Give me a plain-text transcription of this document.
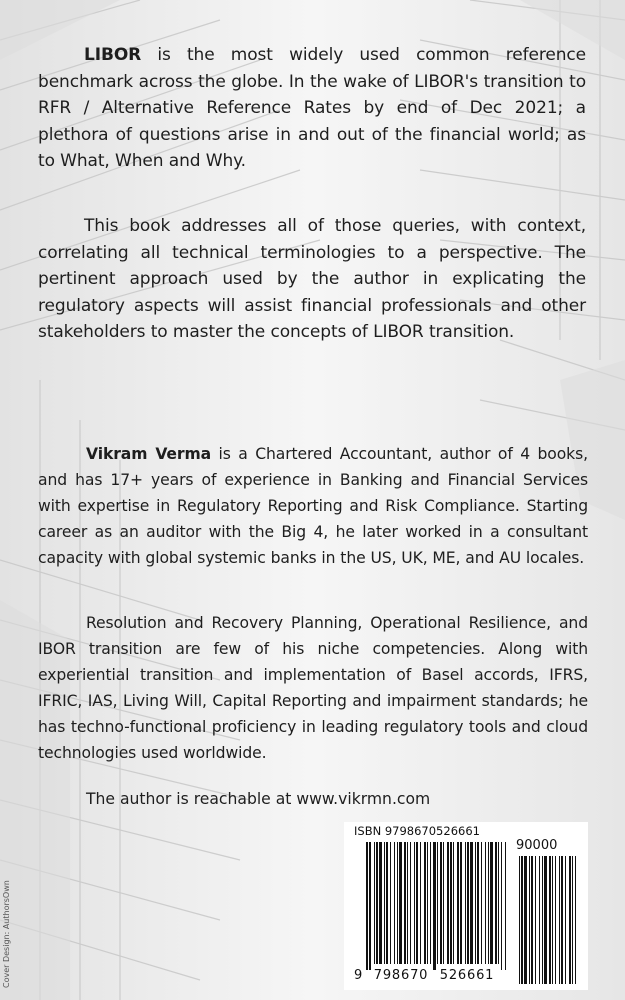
LIBOR is the most widely used common reference benchmark across the globe. In the wake of LIBOR's transition to RFR / Alternative Reference Rates by end of Dec 2021; a plethora of questions arise in and out of the financial world; as to What, When and Why.

This book addresses all of those queries, with context, correlating all technical terminologies to a perspective. The pertinent approach used by the author in explicating the regulatory aspects will assist financial professionals and other stakeholders to master the concepts of LIBOR transition.

Vikram Verma is a Chartered Accountant, author of 4 books, and has 17+ years of experience in Banking and Financial Services with expertise in Regulatory Reporting and Risk Compliance. Starting career as an auditor with the Big 4, he later worked in a consultant capacity with global systemic banks in the US, UK, ME, and AU locales.

Resolution and Recovery Planning, Operational Resilience, and IBOR transition are few of his niche competencies. Along with experiential transition and implementation of Basel accords, IFRS, IFRIC, IAS, Living Will, Capital Reporting and impairment standards; he has techno-functional proficiency in leading regulatory tools and cloud technologies used worldwide.

The author is reachable at www.vikrmn.com

Cover Design: AuthorsOwn

ISBN 9798670526661

90000
9 798670 526661
